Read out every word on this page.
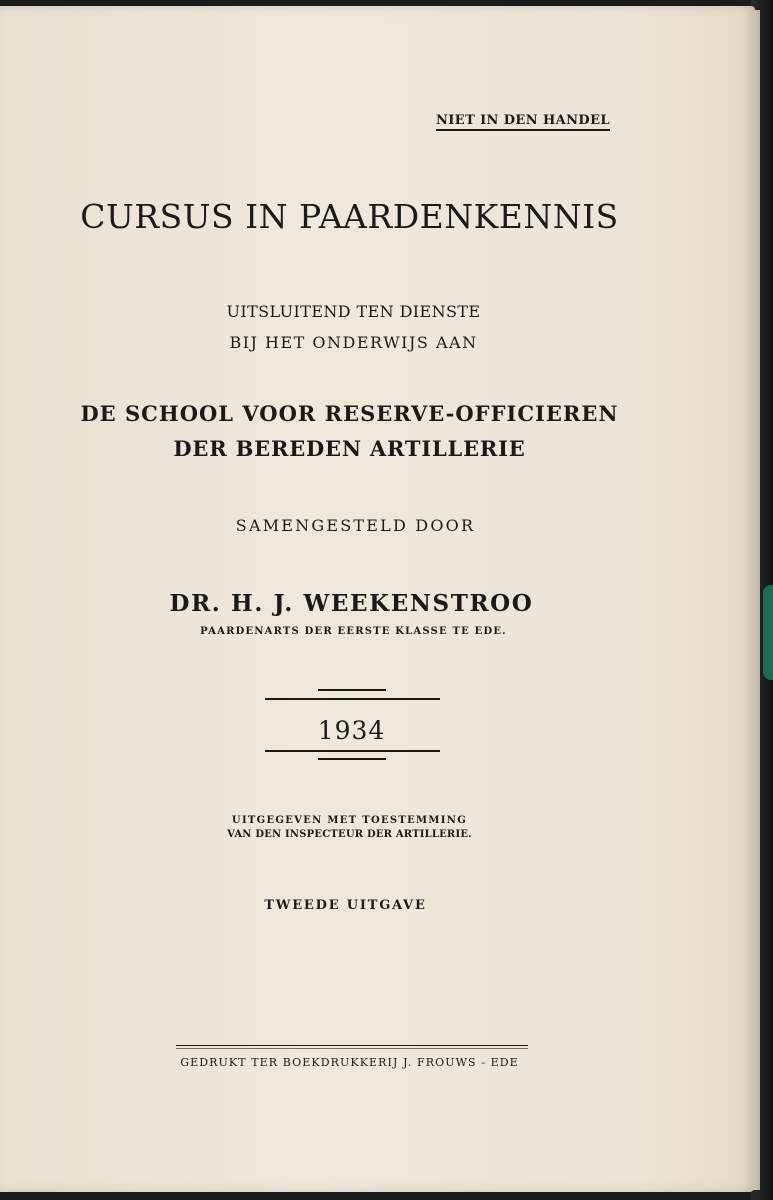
NIET IN DEN HANDEL
CURSUS IN PAARDENKENNIS
UITSLUITEND TEN DIENSTE
BIJ HET ONDERWIJS AAN
DE SCHOOL VOOR RESERVE-OFFICIEREN
DER BEREDEN ARTILLERIE
SAMENGESTELD DOOR
DR. H. J. WEEKENSTROO
PAARDENARTS DER EERSTE KLASSE TE EDE.
1934
UITGEGEVEN MET TOESTEMMING
VAN DEN INSPECTEUR DER ARTILLERIE.
TWEEDE UITGAVE
GEDRUKT TER BOEKDRUKKERIJ J. FROUWS - EDE
